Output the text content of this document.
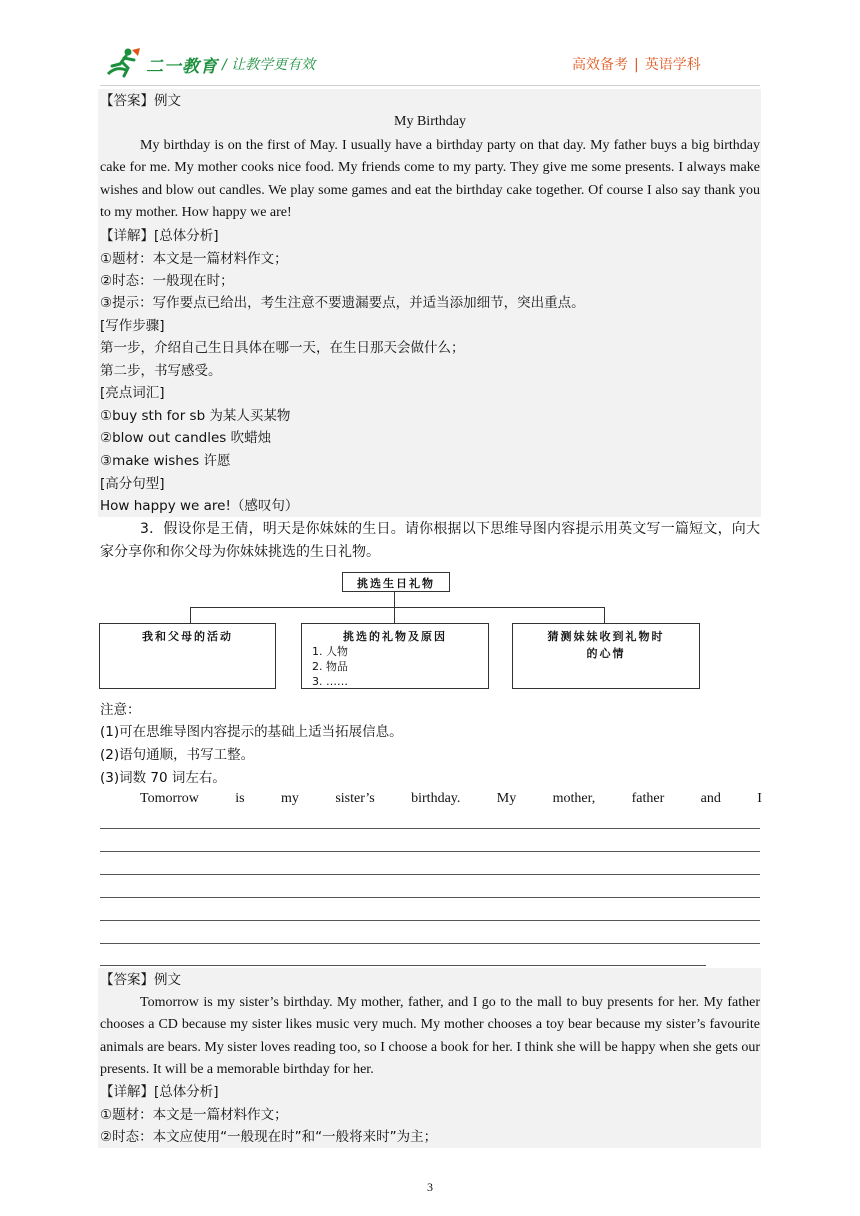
二一教育 / 让教学更有效	高效备考 | 英语学科
【答案】例文
My Birthday
My birthday is on the first of May. I usually have a birthday party on that day. My father buys a big birthday cake for me. My mother cooks nice food. My friends come to my party. They give me some presents. I always make wishes and blow out candles. We play some games and eat the birthday cake together. Of course I also say thank you to my mother. How happy we are!
【详解】[总体分析]
①题材：本文是一篇材料作文；
②时态：一般现在时；
③提示：写作要点已给出，考生注意不要遗漏要点，并适当添加细节，突出重点。
[写作步骤]
第一步，介绍自己生日具体在哪一天，在生日那天会做什么；
第二步，书写感受。
[亮点词汇]
①buy sth for sb 为某人买某物
②blow out candles 吹蜡烛
③make wishes 许愿
[高分句型]
How happy we are!（感叹句）
3．假设你是王倩，明天是你妹妹的生日。请你根据以下思维导图内容提示用英文写一篇短文，向大家分享你和你父母为你妹妹挑选的生日礼物。
挑选生日礼物
我和父母的活动	挑选的礼物及原因
1. 人物
2. 物品
3. ……
猜测妹妹收到礼物时
的心情
注意：
(1)可在思维导图内容提示的基础上适当拓展信息。
(2)语句通顺，书写工整。
(3)词数 70 词左右。
Tomorrow	is	my	sister’s	birthday.	My	mother,	father	and	I
【答案】例文
Tomorrow is my sister’s birthday. My mother, father, and I go to the mall to buy presents for her. My father chooses a CD because my sister likes music very much. My mother chooses a toy bear because my sister’s favourite animals are bears. My sister loves reading too, so I choose a book for her. I think she will be happy when she gets our presents. It will be a memorable birthday for her.
【详解】[总体分析]
①题材：本文是一篇材料作文；
②时态：本文应使用“一般现在时”和“一般将来时”为主；
3
